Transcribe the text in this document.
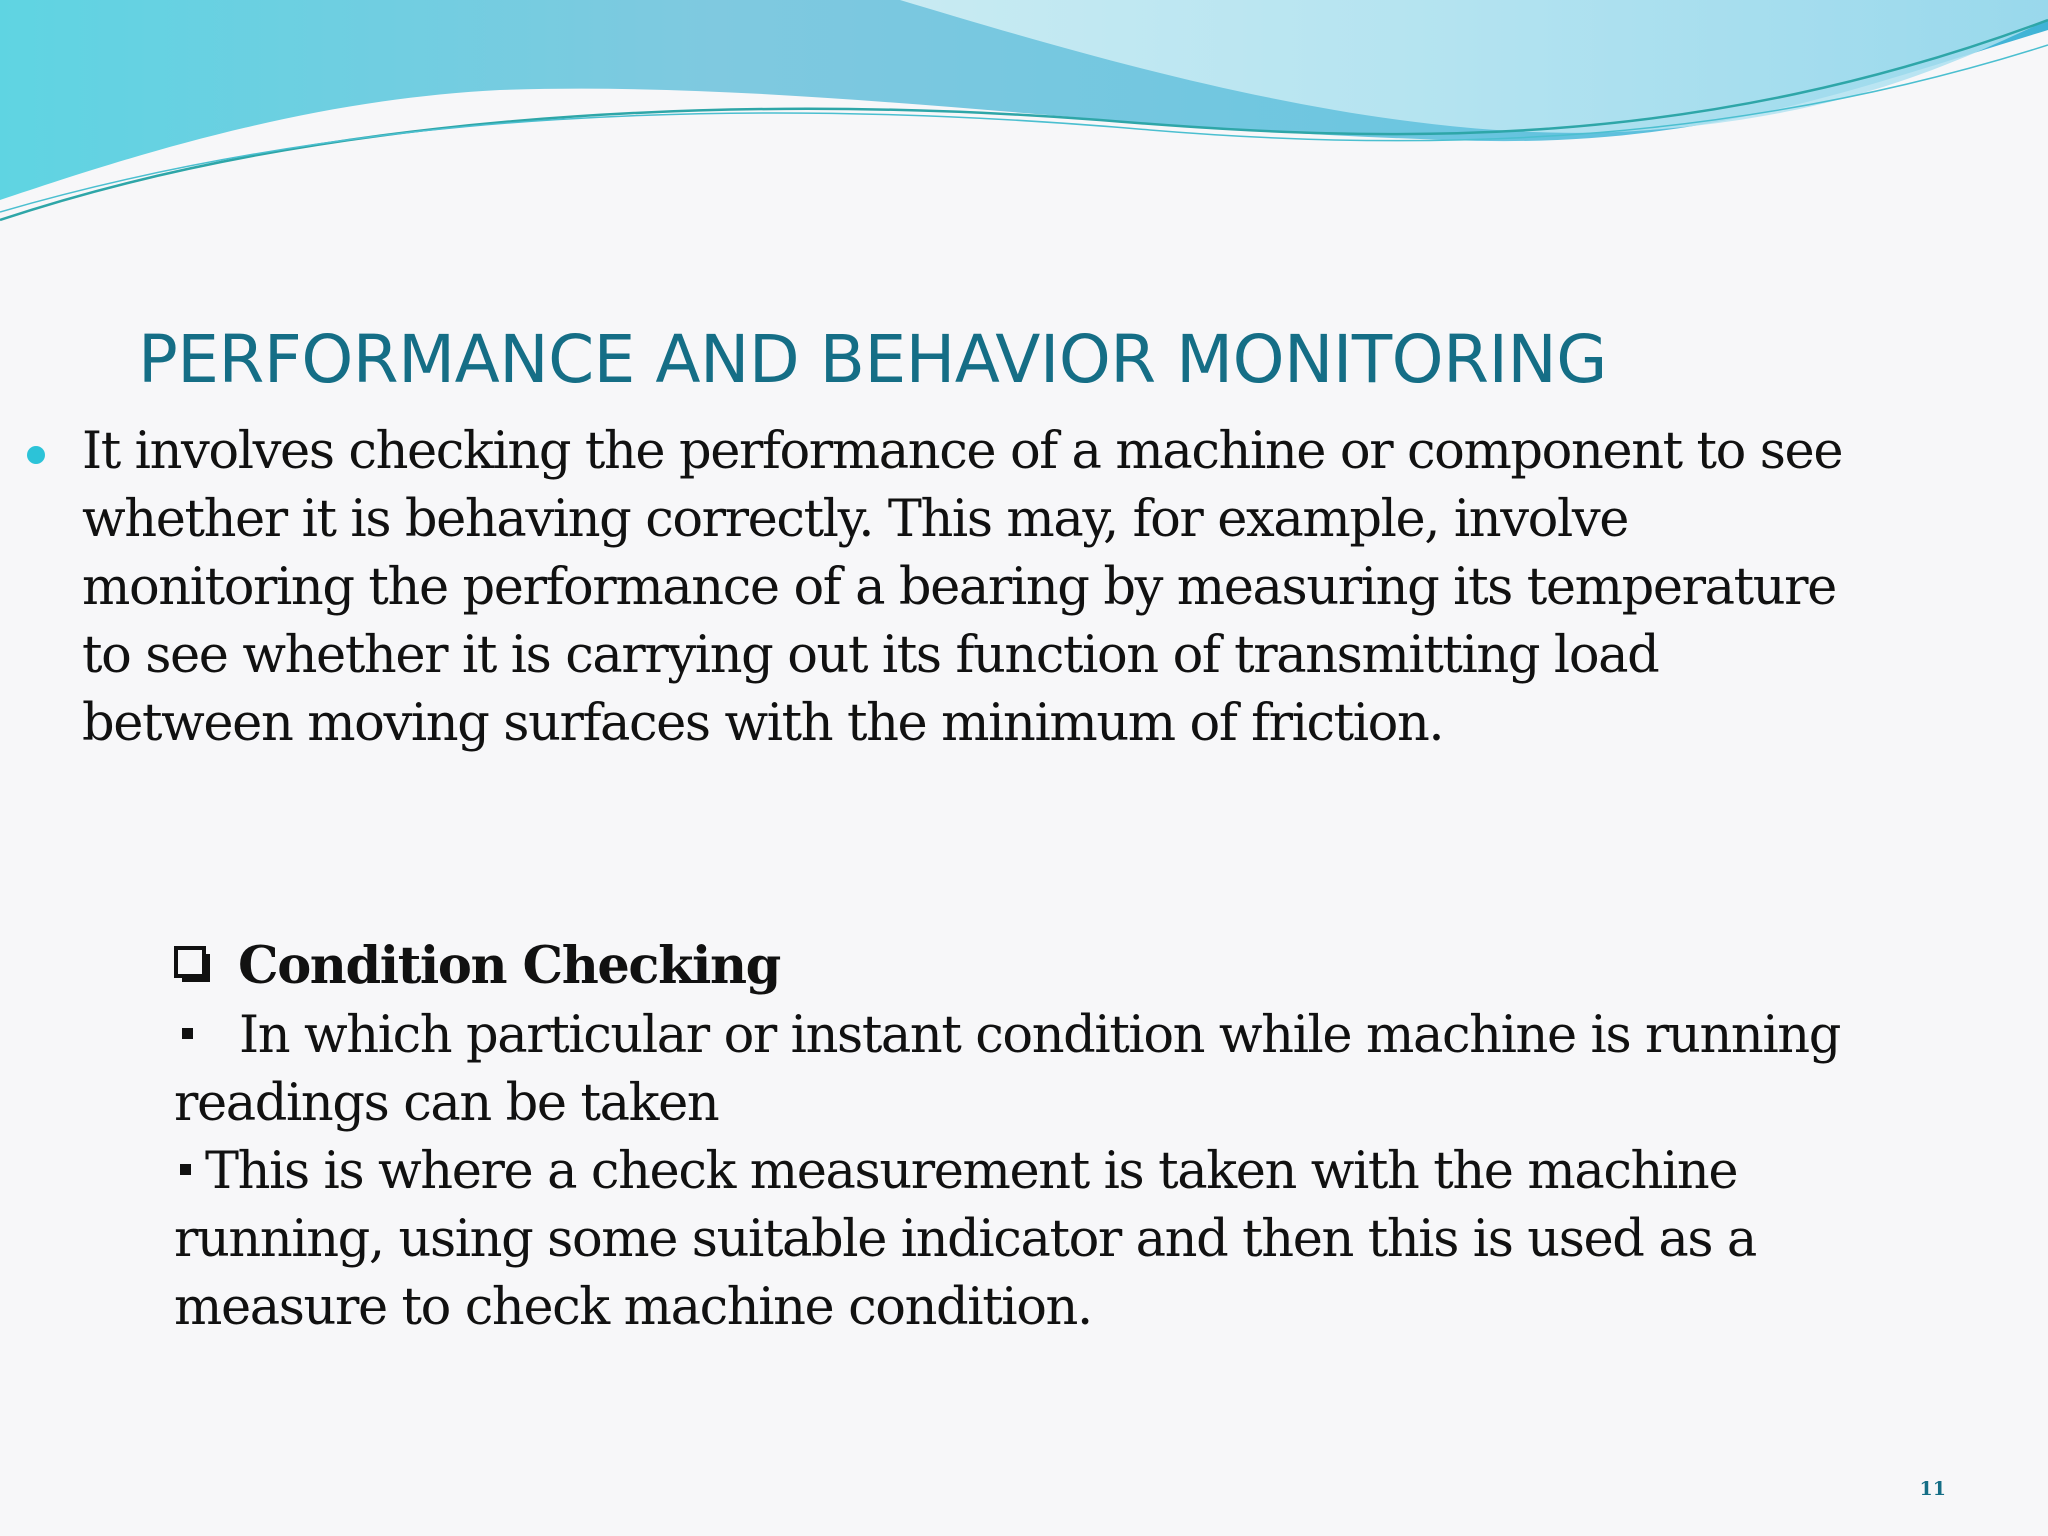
PERFORMANCE AND BEHAVIOR MONITORING

It involves checking the performance of a machine or component to see whether it is behaving correctly. This may, for example, involve monitoring the performance of a bearing by measuring its temperature to see whether it is carrying out its function of transmitting load between moving surfaces with the minimum of friction.

Condition Checking

In which particular or instant condition while machine is running readings can be taken

This is where a check measurement is taken with the machine running, using some suitable indicator and then this is used as a measure to check machine condition.

11
